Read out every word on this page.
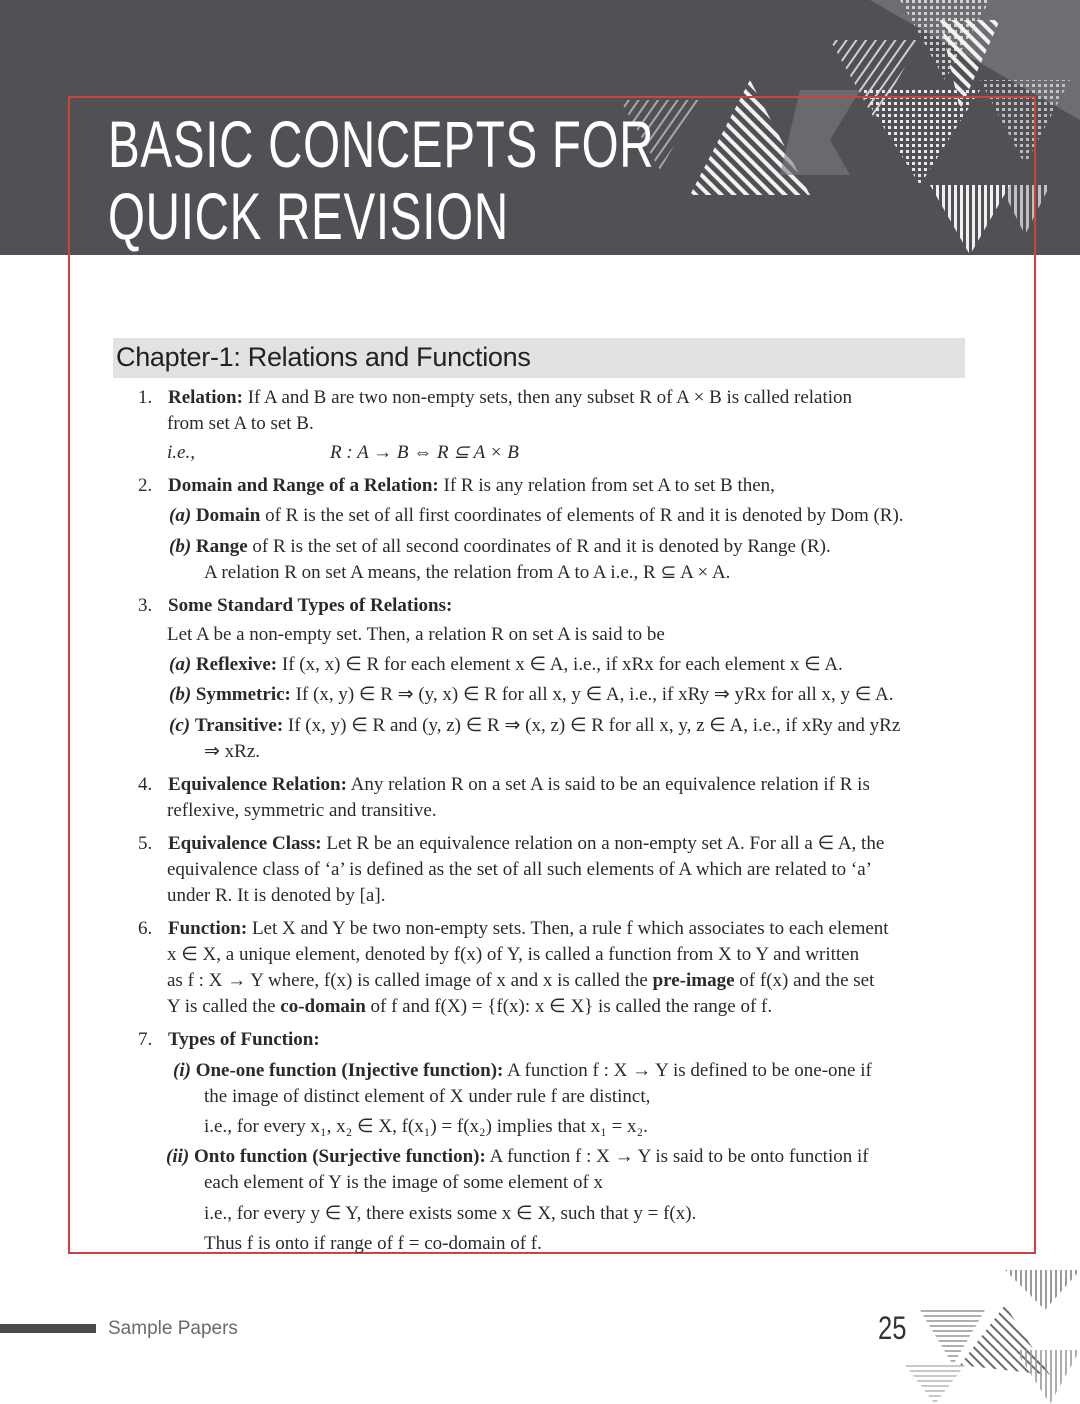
BASIC CONCEPTS FOR
QUICK REVISION
Chapter-1: Relations and Functions
1. Relation: If A and B are two non-empty sets, then any subset R of A × B is called relation
from set A to set B.
i.e.,	R : A → B ⇔ R ⊆ A × B
2. Domain and Range of a Relation: If R is any relation from set A to set B then,
(a) Domain of R is the set of all first coordinates of elements of R and it is denoted by Dom (R).
(b) Range of R is the set of all second coordinates of R and it is denoted by Range (R).
A relation R on set A means, the relation from A to A i.e., R ⊆ A × A.
3. Some Standard Types of Relations:
Let A be a non-empty set. Then, a relation R on set A is said to be
(a) Reflexive: If (x, x) ∈ R for each element x ∈ A, i.e., if xRx for each element x ∈ A.
(b) Symmetric: If (x, y) ∈ R ⇒ (y, x) ∈ R for all x, y ∈ A, i.e., if xRy ⇒ yRx for all x, y ∈ A.
(c) Transitive: If (x, y) ∈ R and (y, z) ∈ R ⇒ (x, z) ∈ R for all x, y, z ∈ A, i.e., if xRy and yRz
⇒ xRz.
4. Equivalence Relation: Any relation R on a set A is said to be an equivalence relation if R is
reflexive, symmetric and transitive.
5. Equivalence Class: Let R be an equivalence relation on a non-empty set A. For all a ∈ A, the
equivalence class of ‘a’ is defined as the set of all such elements of A which are related to ‘a’
under R. It is denoted by [a].
6. Function: Let X and Y be two non-empty sets. Then, a rule f which associates to each element
x ∈ X, a unique element, denoted by f(x) of Y, is called a function from X to Y and written
as f : X → Y where, f(x) is called image of x and x is called the pre-image of f(x) and the set
Y is called the co-domain of f and f(X) = {f(x): x ∈ X} is called the range of f.
7. Types of Function:
(i) One-one function (Injective function): A function f : X → Y is defined to be one-one if
the image of distinct element of X under rule f are distinct,
i.e., for every x₁, x₂ ∈ X, f(x₁) = f(x₂) implies that x₁ = x₂.
(ii) Onto function (Surjective function): A function f : X → Y is said to be onto function if
each element of Y is the image of some element of x
i.e., for every y ∈ Y, there exists some x ∈ X, such that y = f(x).
Thus f is onto if range of f = co-domain of f.
Sample Papers	25
